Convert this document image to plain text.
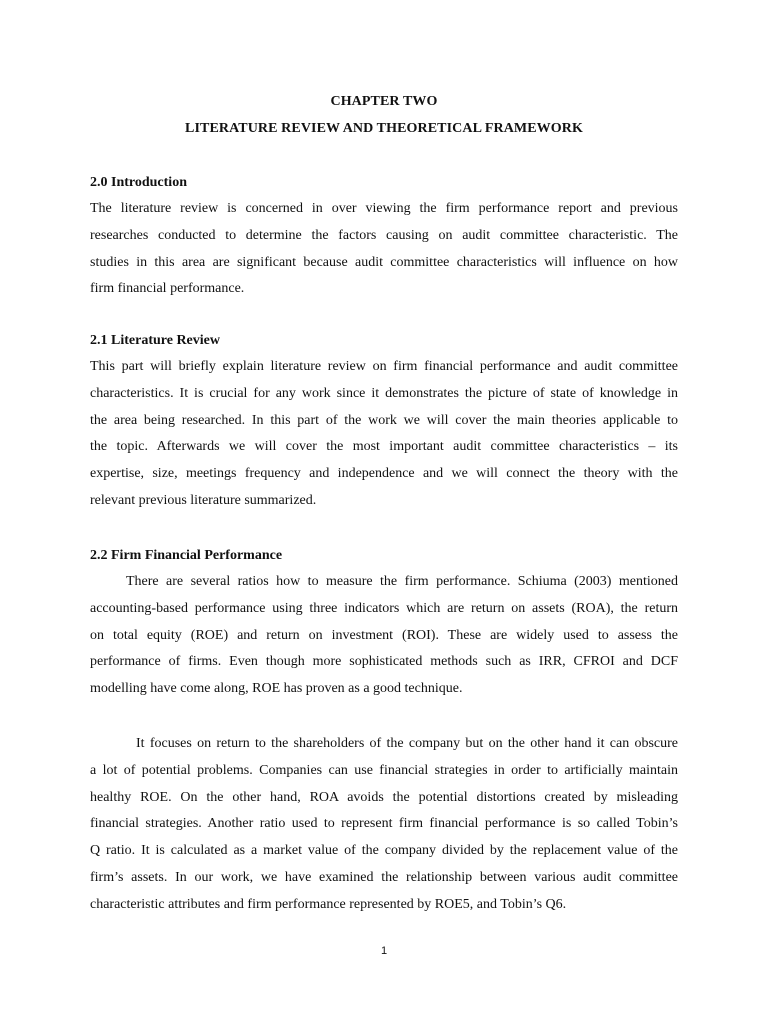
CHAPTER TWO
LITERATURE REVIEW AND THEORETICAL FRAMEWORK
2.0 Introduction

The literature review is concerned in over viewing the firm performance report and previous
researches conducted to determine the factors causing on audit committee characteristic. The
studies in this area are significant because audit committee characteristics will influence on how
firm financial performance.

2.1 Literature Review

This part will briefly explain literature review on firm financial performance and audit committee
characteristics. It is crucial for any work since it demonstrates the picture of state of knowledge in
the area being researched. In this part of the work we will cover the main theories applicable to
the topic. Afterwards we will cover the most important audit committee characteristics – its
expertise, size, meetings frequency and independence and we will connect the theory with the
relevant previous literature summarized.

2.2 Firm Financial Performance

There are several ratios how to measure the firm performance. Schiuma (2003) mentioned
accounting-based performance using three indicators which are return on assets (ROA), the return
on total equity (ROE) and return on investment (ROI). These are widely used to assess the
performance of firms. Even though more sophisticated methods such as IRR, CFROI and DCF
modelling have come along, ROE has proven as a good technique.

It focuses on return to the shareholders of the company but on the other hand it can obscure
a lot of potential problems. Companies can use financial strategies in order to artificially maintain
healthy ROE. On the other hand, ROA avoids the potential distortions created by misleading
financial strategies. Another ratio used to represent firm financial performance is so called Tobin’s
Q ratio. It is calculated as a market value of the company divided by the replacement value of the
firm’s assets. In our work, we have examined the relationship between various audit committee
characteristic attributes and firm performance represented by ROE5, and Tobin’s Q6.

1
